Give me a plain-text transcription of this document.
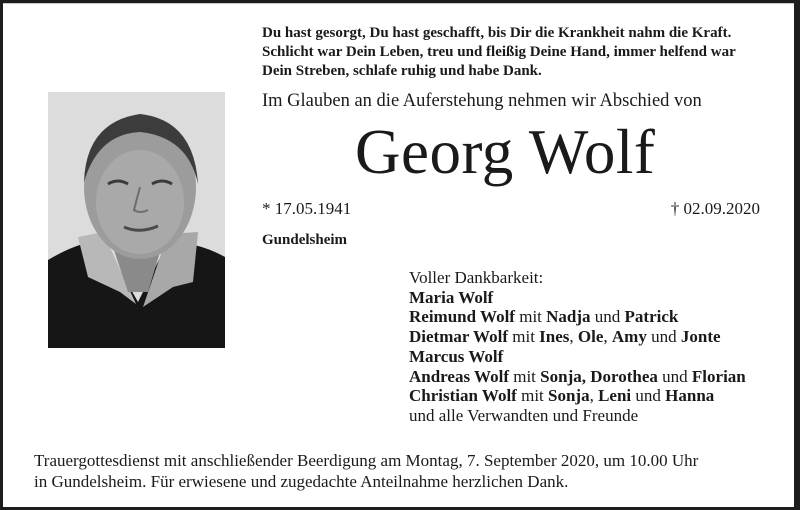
Du hast gesorgt, Du hast geschafft, bis Dir die Krankheit nahm die Kraft.
Schlicht war Dein Leben, treu und fleißig Deine Hand, immer helfend war
Dein Streben, schlafe ruhig und habe Dank.
Im Glauben an die Auferstehung nehmen wir Abschied von
Georg Wolf
* 17.05.1941	† 02.09.2020
Gundelsheim
Voller Dankbarkeit:
Maria Wolf
Reimund Wolf mit Nadja und Patrick
Dietmar Wolf mit Ines, Ole, Amy und Jonte
Marcus Wolf
Andreas Wolf mit Sonja, Dorothea und Florian
Christian Wolf mit Sonja, Leni und Hanna
und alle Verwandten und Freunde
Trauergottesdienst mit anschließender Beerdigung am Montag, 7. September 2020, um 10.00 Uhr
in Gundelsheim. Für erwiesene und zugedachte Anteilnahme herzlichen Dank.
